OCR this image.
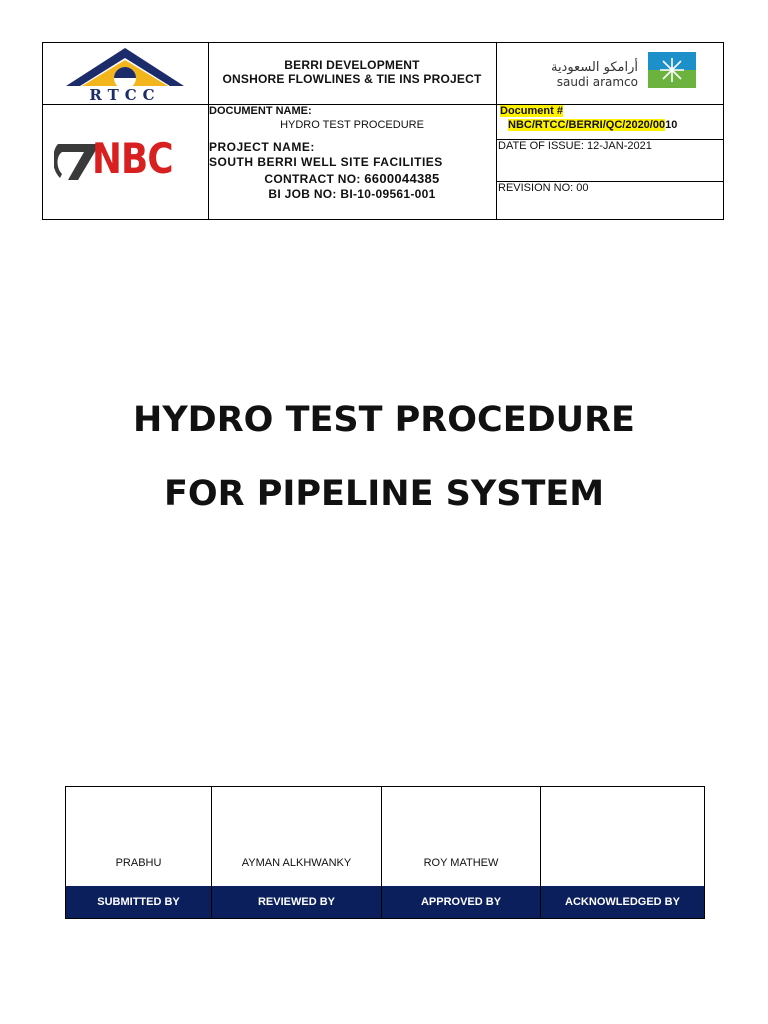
RTCC
BERRI DEVELOPMENT
ONSHORE FLOWLINES & TIE INS PROJECT
أرامكو السعودية
saudi aramco
NBC
DOCUMENT NAME:
HYDRO TEST PROCEDURE
Document #
NBC/RTCC/BERRI/QC/2020/0010
PROJECT NAME:
SOUTH BERRI WELL SITE FACILITIES
CONTRACT NO: 6600044385
BI JOB NO: BI-10-09561-001
DATE OF ISSUE: 12-JAN-2021
REVISION NO: 00
HYDRO TEST PROCEDURE
FOR PIPELINE SYSTEM
PRABHU	AYMAN ALKHWANKY	ROY MATHEW
SUBMITTED BY	REVIEWED BY	APPROVED BY	ACKNOWLEDGED BY
